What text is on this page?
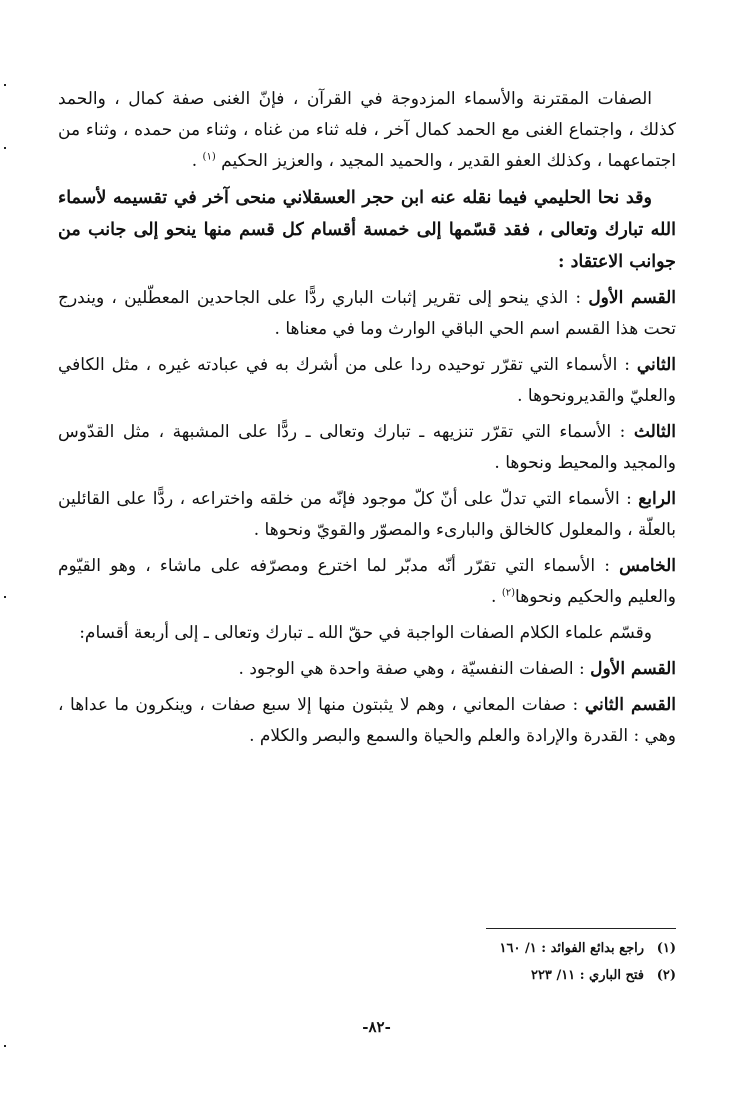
الصفات المقترنة والأسماء المزدوجة في القرآن ، فإنّ الغنى صفة كمال ، والحمد كذلك ، واجتماع الغنى مع الحمد كمال آخر ، فله ثناء من غناه ، وثناء من حمده ، وثناء من اجتماعهما ، وكذلك العفو القدير ، والحميد المجيد ، والعزيز الحكيم $^{(١)}$ .

وقد نحا الحليمي فيما نقله عنه ابن حجر العسقلاني منحى آخر في تقسيمه لأسماء الله تبارك وتعالى ، فقد قسّمها إلى خمسة أقسام كل قسم منها ينحو إلى جانب من جوانب الاعتقاد :

القسم الأول : الذي ينحو إلى تقرير إثبات الباري ردًّا على الجاحدين المعطّلين ، ويندرج تحت هذا القسم اسم الحي الباقي الوارث وما في معناها .

الثاني : الأسماء التي تقرّر توحيده ردا على من أشرك به في عبادته غيره ، مثل الكافي والعليّ والقديرونحوها .

الثالث : الأسماء التي تقرّر تنزيهه ـ تبارك وتعالى ـ ردًّا على المشبهة ، مثل القدّوس والمجيد والمحيط ونحوها .

الرابع : الأسماء التي تدلّ على أنّ كلّ موجود فإنّه من خلقه واختراعه ، ردًّا على القائلين بالعلّة ، والمعلول كالخالق والبارىء والمصوّر والقويّ ونحوها .

الخامس : الأسماء التي تقرّر أنّه مدبّر لما اخترع ومصرّفه على ماشاء ، وهو القيّوم والعليم والحكيم ونحوها$^{(٢)}$ .

وقسّم علماء الكلام الصفات الواجبة في حقّ الله ـ تبارك وتعالى ـ إلى أربعة أقسام:

القسم الأول : الصفات النفسيّة ، وهي صفة واحدة هي الوجود .

القسم الثاني : صفات المعاني ، وهم لا يثبتون منها إلا سبع صفات ، وينكرون ما عداها ، وهي : القدرة والإرادة والعلم والحياة والسمع والبصر والكلام .

(١)راجع بدائع الفوائد : ١/ ١٦٠
(٢)فتح الباري : ١١/ ٢٢٣
-٨٢-
